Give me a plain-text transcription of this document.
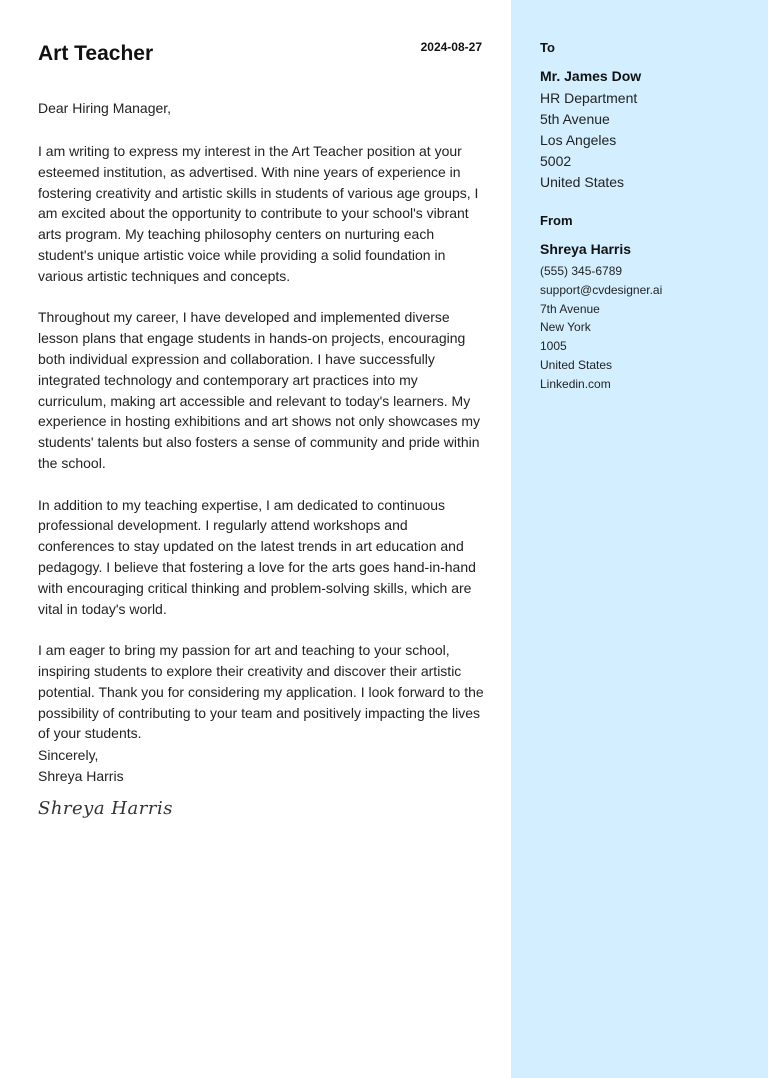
Art Teacher	2024-08-27
Dear Hiring Manager,

I am writing to express my interest in the Art Teacher position at your esteemed institution, as advertised. With nine years of experience in fostering creativity and artistic skills in students of various age groups, I am excited about the opportunity to contribute to your school's vibrant arts program. My teaching philosophy centers on nurturing each student's unique artistic voice while providing a solid foundation in various artistic techniques and concepts.

Throughout my career, I have developed and implemented diverse lesson plans that engage students in hands-on projects, encouraging both individual expression and collaboration. I have successfully integrated technology and contemporary art practices into my curriculum, making art accessible and relevant to today's learners. My experience in hosting exhibitions and art shows not only showcases my students' talents but also fosters a sense of community and pride within the school.

In addition to my teaching expertise, I am dedicated to continuous professional development. I regularly attend workshops and conferences to stay updated on the latest trends in art education and pedagogy. I believe that fostering a love for the arts goes hand-in-hand with encouraging critical thinking and problem-solving skills, which are vital in today's world.

I am eager to bring my passion for art and teaching to your school, inspiring students to explore their creativity and discover their artistic potential. Thank you for considering my application. I look forward to the possibility of contributing to your team and positively impacting the lives of your students.

Sincerely,
Shreya Harris
Shreya Harris
To
Mr. James Dow
HR Department
5th Avenue
Los Angeles
5002
United States
From
Shreya Harris
(555) 345-6789
support@cvdesigner.ai
7th Avenue
New York
1005
United States
Linkedin.com
